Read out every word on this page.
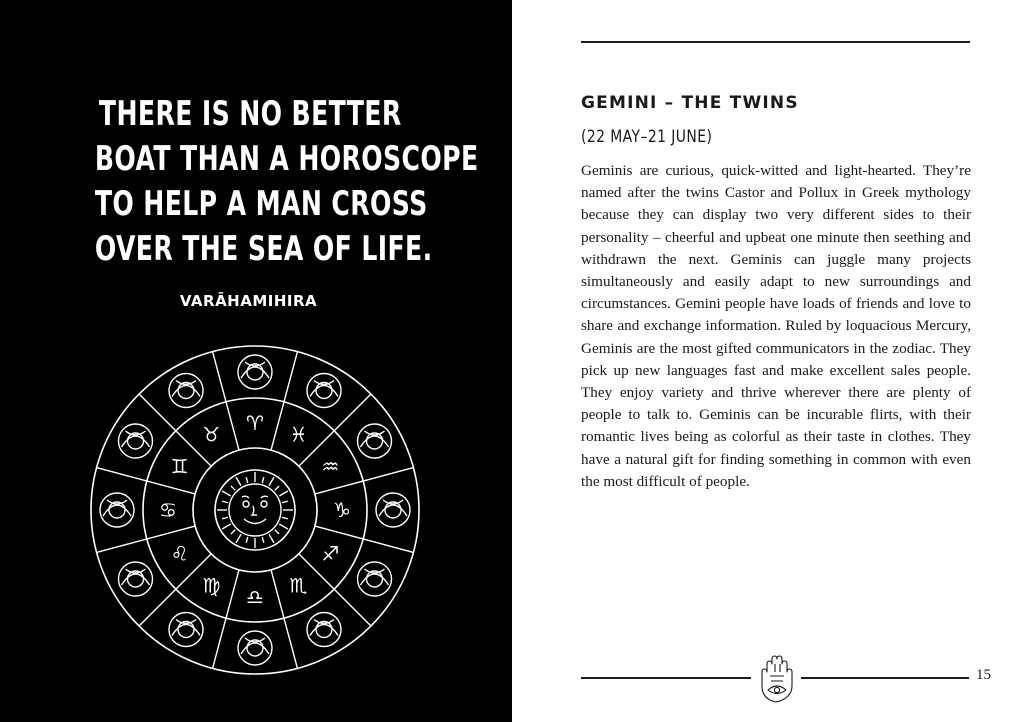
THERE IS NO BETTER
BOAT THAN A HOROSCOPE
TO HELP A MAN CROSS
OVER THE SEA OF LIFE.
VARĀHAMIHIRA
♉ ♈ ♓
♒
♑
♐
♏
♎
♍
♌
♋
♊
GEMINI – THE TWINS
(22 MAY–21 JUNE)
Geminis are curious, quick-witted and light-hearted. They’re named after the twins Castor and Pollux in Greek mythology because they can display two very different sides to their personality – cheerful and upbeat one minute then seething and withdrawn the next. Geminis can juggle many projects simultaneously and easily adapt to new surroundings and circumstances. Gemini people have loads of friends and love to share and exchange information. Ruled by loquacious Mercury, Geminis are the most gifted communicators in the zodiac. They pick up new languages fast and make excellent sales people. They enjoy variety and thrive wherever there are plenty of people to talk to. Geminis can be incurable flirts, with their romantic lives being as colorful as their taste in clothes. They have a natural gift for finding something in common with even the most difficult of people.
15
